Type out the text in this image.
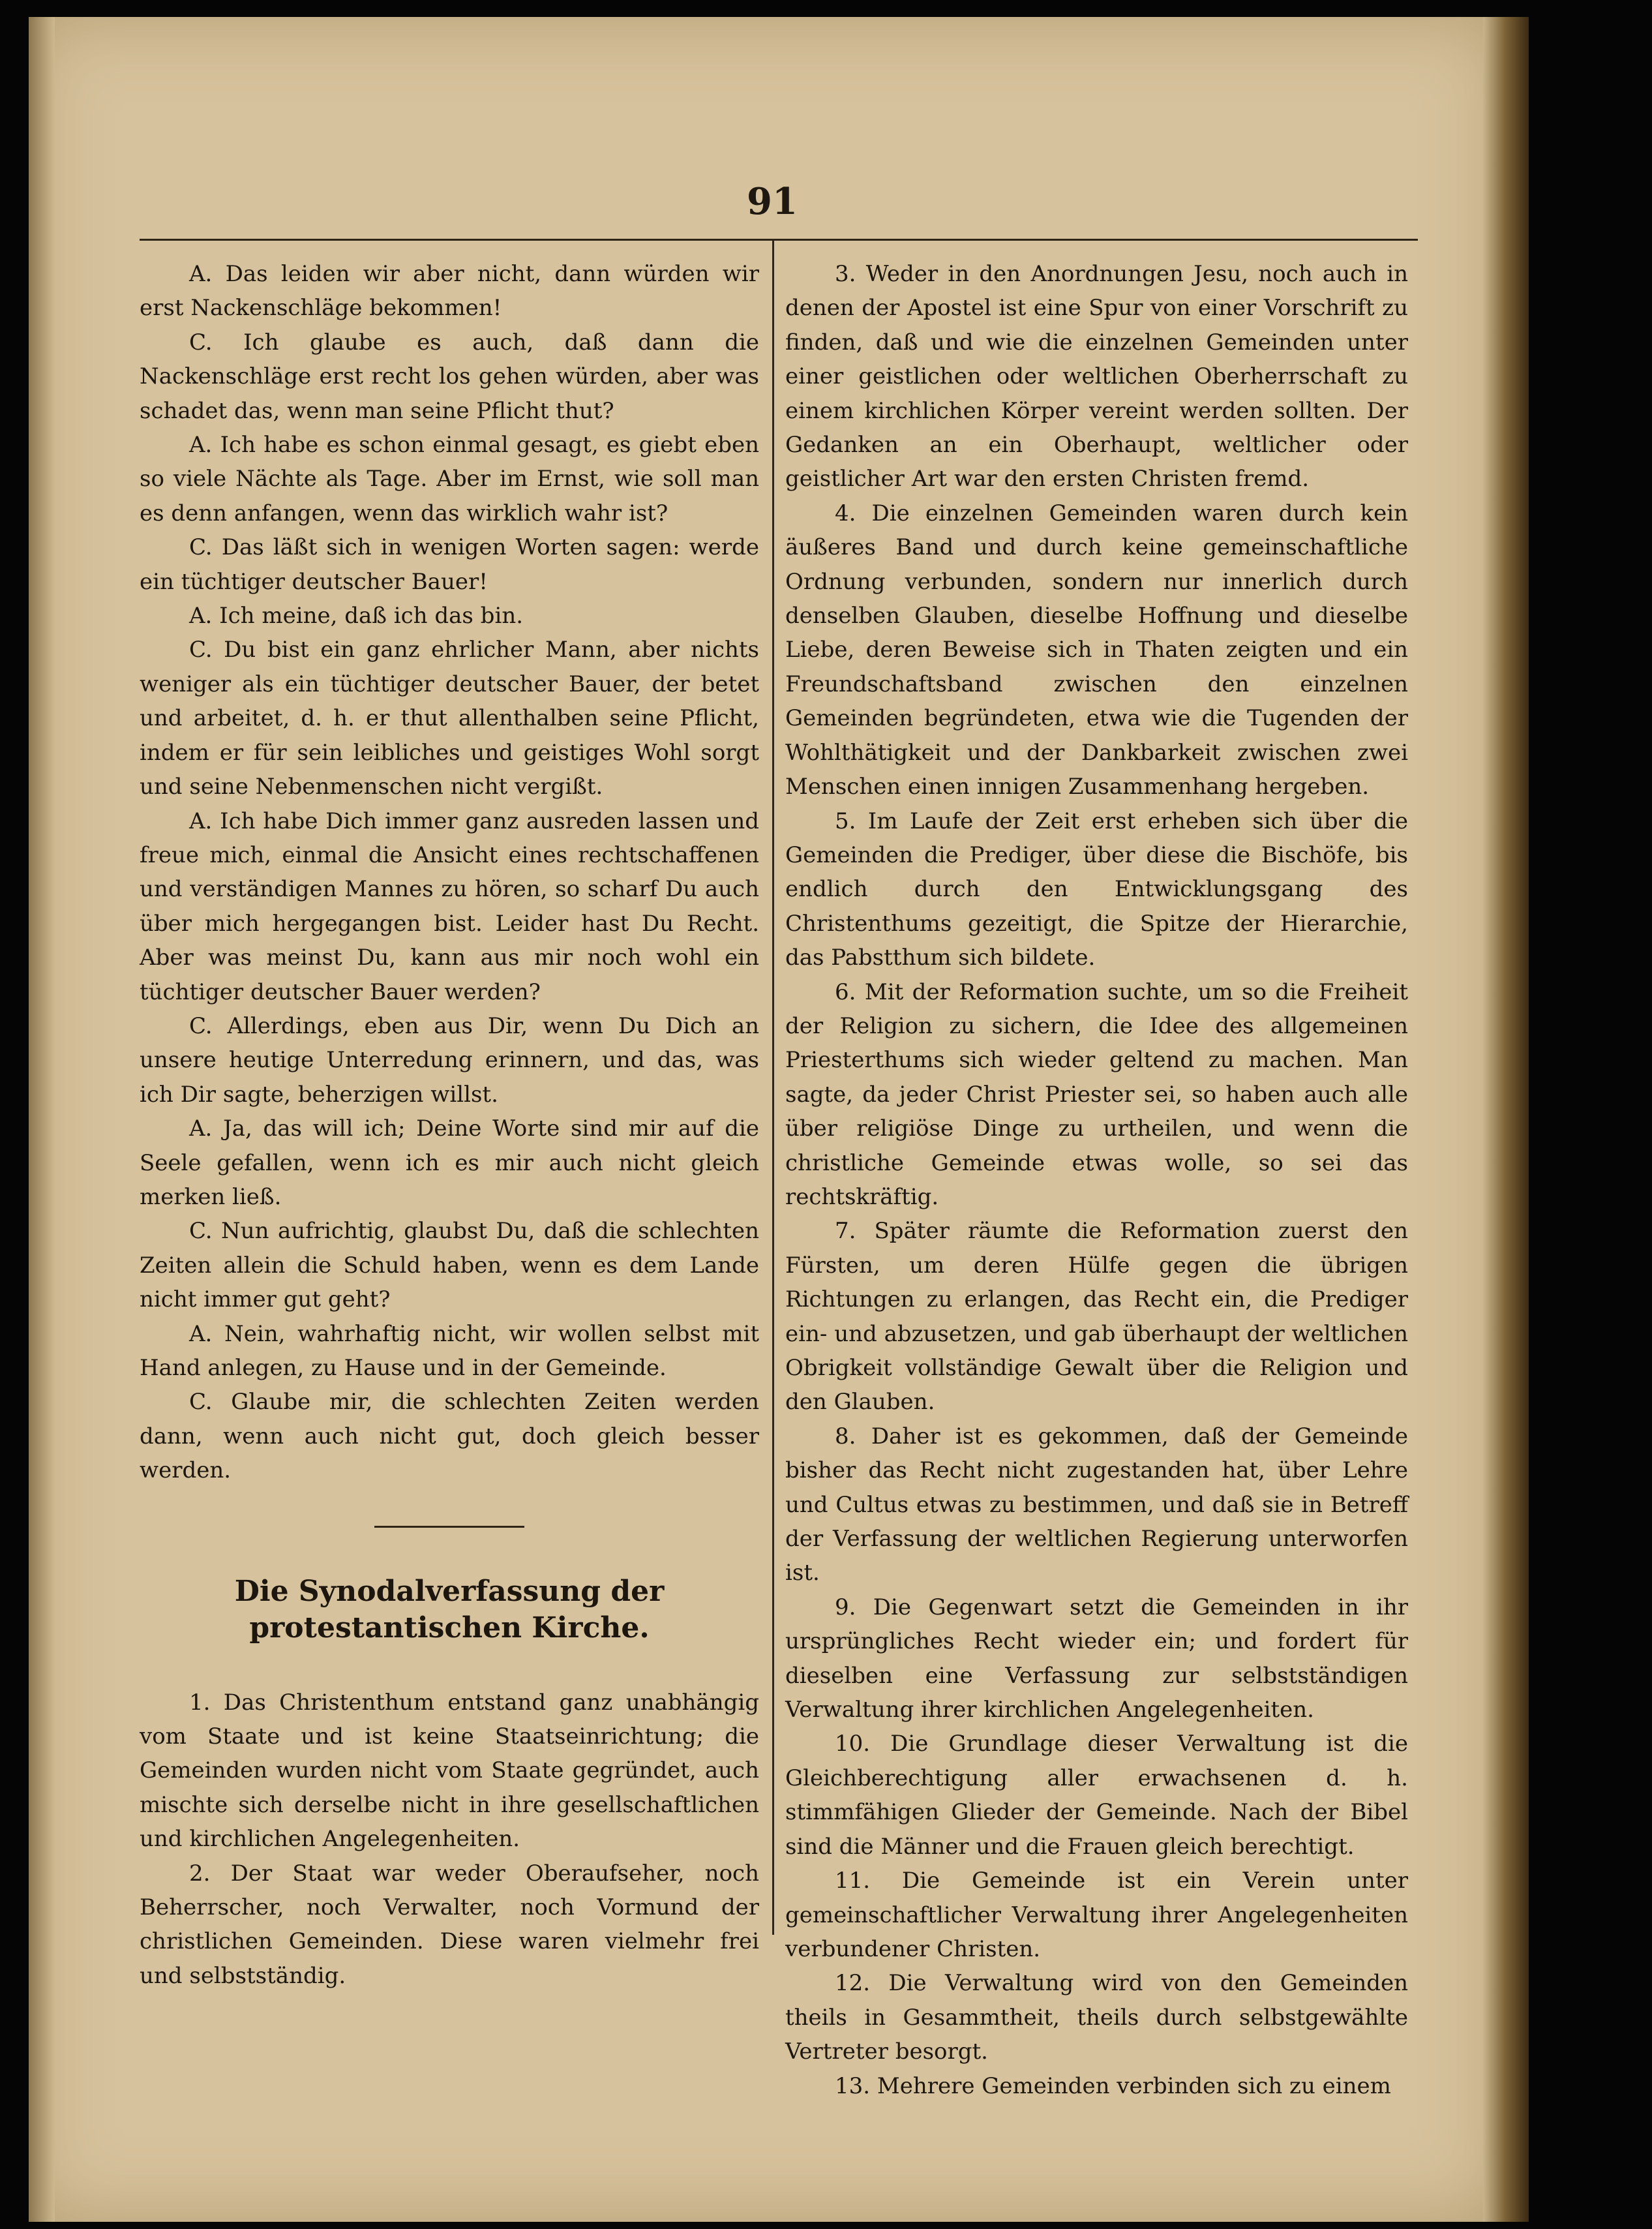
91

A. Das leiden wir aber nicht, dann würden wir erst Nackenschläge bekommen!

C. Ich glaube es auch, daß dann die Nackenschläge erst recht los gehen würden, aber was schadet das, wenn man seine Pflicht thut?

A. Ich habe es schon einmal gesagt, es giebt eben so viele Nächte als Tage. Aber im Ernst, wie soll man es denn anfangen, wenn das wirklich wahr ist?

C. Das läßt sich in wenigen Worten sagen: werde ein tüchtiger deutscher Bauer!

A. Ich meine, daß ich das bin.

C. Du bist ein ganz ehrlicher Mann, aber nichts weniger als ein tüchtiger deutscher Bauer, der betet und arbeitet, d. h. er thut allenthalben seine Pflicht, indem er für sein leibliches und geistiges Wohl sorgt und seine Nebenmenschen nicht vergißt.

A. Ich habe Dich immer ganz ausreden lassen und freue mich, einmal die Ansicht eines rechtschaffenen und verständigen Mannes zu hören, so scharf Du auch über mich hergegangen bist. Leider hast Du Recht. Aber was meinst Du, kann aus mir noch wohl ein tüchtiger deutscher Bauer werden?

C. Allerdings, eben aus Dir, wenn Du Dich an unsere heutige Unterredung erinnern, und das, was ich Dir sagte, beherzigen willst.

A. Ja, das will ich; Deine Worte sind mir auf die Seele gefallen, wenn ich es mir auch nicht gleich merken ließ.

C. Nun aufrichtig, glaubst Du, daß die schlechten Zeiten allein die Schuld haben, wenn es dem Lande nicht immer gut geht?

A. Nein, wahrhaftig nicht, wir wollen selbst mit Hand anlegen, zu Hause und in der Gemeinde.

C. Glaube mir, die schlechten Zeiten werden dann, wenn auch nicht gut, doch gleich besser werden.

Die Synodalverfassung der protestantischen Kirche.

1. Das Christenthum entstand ganz unabhängig vom Staate und ist keine Staatseinrichtung; die Gemeinden wurden nicht vom Staate gegründet, auch mischte sich derselbe nicht in ihre gesellschaftlichen und kirchlichen Angelegenheiten.

2. Der Staat war weder Oberaufseher, noch Beherrscher, noch Verwalter, noch Vormund der christlichen Gemeinden. Diese waren vielmehr frei und selbstständig.

3. Weder in den Anordnungen Jesu, noch auch in denen der Apostel ist eine Spur von einer Vorschrift zu finden, daß und wie die einzelnen Gemeinden unter einer geistlichen oder weltlichen Oberherrschaft zu einem kirchlichen Körper vereint werden sollten. Der Gedanken an ein Oberhaupt, weltlicher oder geistlicher Art war den ersten Christen fremd.

4. Die einzelnen Gemeinden waren durch kein äußeres Band und durch keine gemeinschaftliche Ordnung verbunden, sondern nur innerlich durch denselben Glauben, dieselbe Hoffnung und dieselbe Liebe, deren Beweise sich in Thaten zeigten und ein Freundschaftsband zwischen den einzelnen Gemeinden begründeten, etwa wie die Tugenden der Wohlthätigkeit und der Dankbarkeit zwischen zwei Menschen einen innigen Zusammenhang hergeben.

5. Im Laufe der Zeit erst erheben sich über die Gemeinden die Prediger, über diese die Bischöfe, bis endlich durch den Entwicklungsgang des Christenthums gezeitigt, die Spitze der Hierarchie, das Pabstthum sich bildete.

6. Mit der Reformation suchte, um so die Freiheit der Religion zu sichern, die Idee des allgemeinen Priesterthums sich wieder geltend zu machen. Man sagte, da jeder Christ Priester sei, so haben auch alle über religiöse Dinge zu urtheilen, und wenn die christliche Gemeinde etwas wolle, so sei das rechtskräftig.

7. Später räumte die Reformation zuerst den Fürsten, um deren Hülfe gegen die übrigen Richtungen zu erlangen, das Recht ein, die Prediger ein- und abzusetzen, und gab überhaupt der weltlichen Obrigkeit vollständige Gewalt über die Religion und den Glauben.

8. Daher ist es gekommen, daß der Gemeinde bisher das Recht nicht zugestanden hat, über Lehre und Cultus etwas zu bestimmen, und daß sie in Betreff der Verfassung der weltlichen Regierung unterworfen ist.

9. Die Gegenwart setzt die Gemeinden in ihr ursprüngliches Recht wieder ein; und fordert für dieselben eine Verfassung zur selbstständigen Verwaltung ihrer kirchlichen Angelegenheiten.

10. Die Grundlage dieser Verwaltung ist die Gleichberechtigung aller erwachsenen d. h. stimmfähigen Glieder der Gemeinde. Nach der Bibel sind die Männer und die Frauen gleich berechtigt.

11. Die Gemeinde ist ein Verein unter gemeinschaftlicher Verwaltung ihrer Angelegenheiten verbundener Christen.

12. Die Verwaltung wird von den Gemeinden theils in Gesammtheit, theils durch selbstgewählte Vertreter besorgt.

13. Mehrere Gemeinden verbinden sich zu einem
